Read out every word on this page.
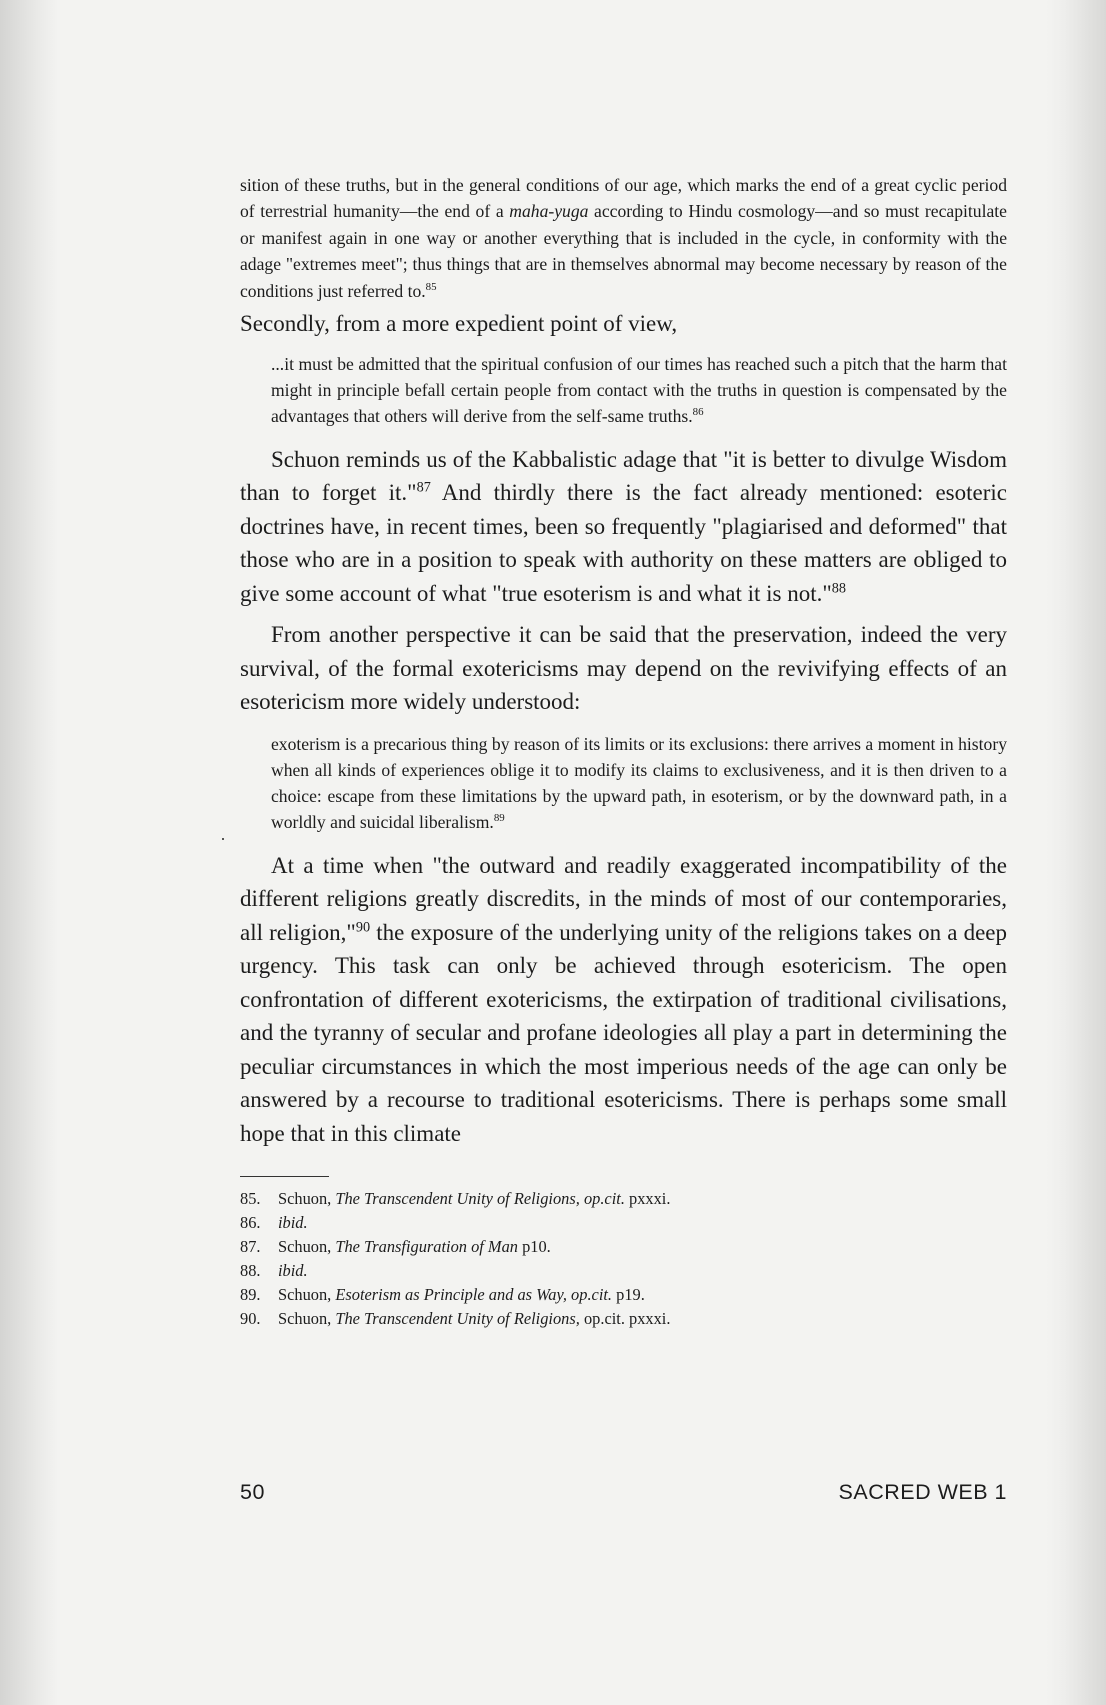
sition of these truths, but in the general conditions of our age, which marks the end of a great cyclic period of terrestrial humanity—the end of a maha-yuga according to Hindu cosmology—and so must recapitulate or manifest again in one way or another everything that is included in the cycle, in conformity with the adage "extremes meet"; thus things that are in themselves abnormal may become necessary by reason of the conditions just referred to.$^{85}$

Secondly, from a more expedient point of view,

...it must be admitted that the spiritual confusion of our times has reached such a pitch that the harm that might in principle befall certain people from contact with the truths in question is compensated by the advantages that others will derive from the self-same truths.$^{86}$

Schuon reminds us of the Kabbalistic adage that "it is better to divulge Wisdom than to forget it."$^{87}$ And thirdly there is the fact already mentioned: esoteric doctrines have, in recent times, been so frequently "plagiarised and deformed" that those who are in a position to speak with authority on these matters are obliged to give some account of what "true esoterism is and what it is not."$^{88}$

From another perspective it can be said that the preservation, indeed the very survival, of the formal exotericisms may depend on the revivifying effects of an esotericism more widely understood:

exoterism is a precarious thing by reason of its limits or its exclusions: there arrives a moment in history when all kinds of experiences oblige it to modify its claims to exclusiveness, and it is then driven to a choice: escape from these limitations by the upward path, in esoterism, or by the downward path, in a worldly and suicidal liberalism.$^{89}$

At a time when "the outward and readily exaggerated incompatibility of the different religions greatly discredits, in the minds of most of our contemporaries, all religion,"$^{90}$ the exposure of the underlying unity of the religions takes on a deep urgency. This task can only be achieved through esotericism. The open confrontation of different exotericisms, the extirpation of traditional civilisations, and the tyranny of secular and profane ideologies all play a part in determining the peculiar circumstances in which the most imperious needs of the age can only be answered by a recourse to traditional esotericisms. There is perhaps some small hope that in this climate

85.	Schuon, The Transcendent Unity of Religions, op.cit. pxxxi.
86.	ibid.
87.	Schuon, The Transfiguration of Man p10.
88.	ibid.
89.	Schuon, Esoterism as Principle and as Way, op.cit. p19.
90.	Schuon, The Transcendent Unity of Religions, op.cit. pxxxi.
50	SACRED WEB 1
